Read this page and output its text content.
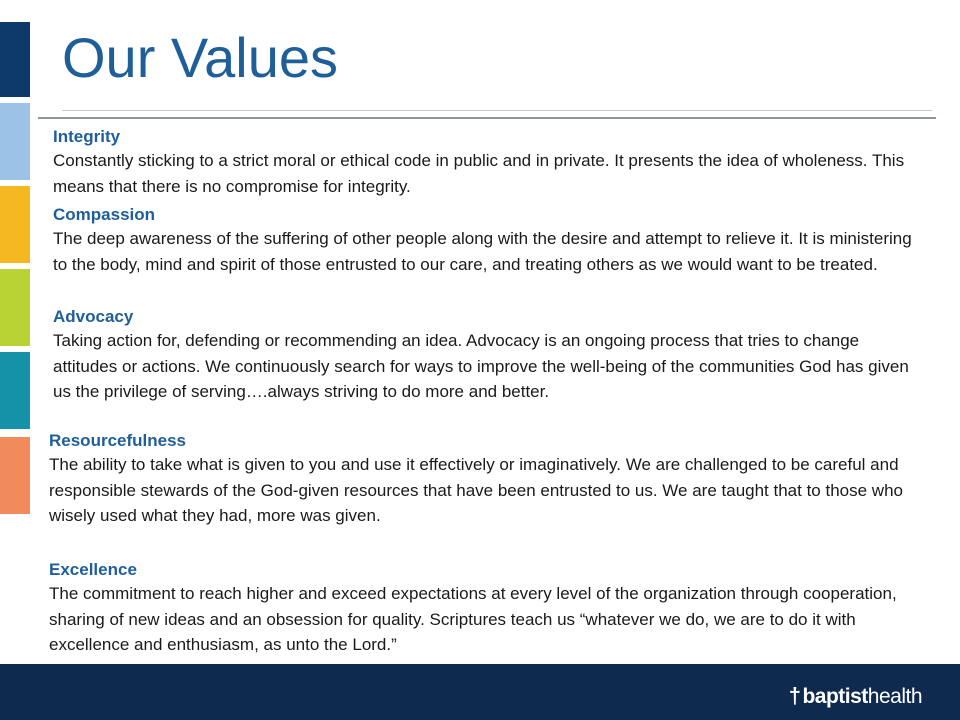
Our Values

Integrity

Constantly sticking to a strict moral or ethical code in public and in private. It presents the idea of wholeness. This means that there is no compromise for integrity.

Compassion

The deep awareness of the suffering of other people along with the desire and attempt to relieve it. It is ministering to the body, mind and spirit of those entrusted to our care, and treating others as we would want to be treated.

Advocacy

Taking action for, defending or recommending an idea. Advocacy is an ongoing process that tries to change attitudes or actions. We continuously search for ways to improve the well-being of the communities God has given us the privilege of serving….always striving to do more and better.

Resourcefulness

The ability to take what is given to you and use it effectively or imaginatively. We are challenged to be careful and responsible stewards of the God-given resources that have been entrusted to us. We are taught that to those who wisely used what they had, more was given.

Excellence

The commitment to reach higher and exceed expectations at every level of the organization through cooperation, sharing of new ideas and an obsession for quality. Scriptures teach us “whatever we do, we are to do it with excellence and enthusiasm, as unto the Lord.”

†baptisthealth
